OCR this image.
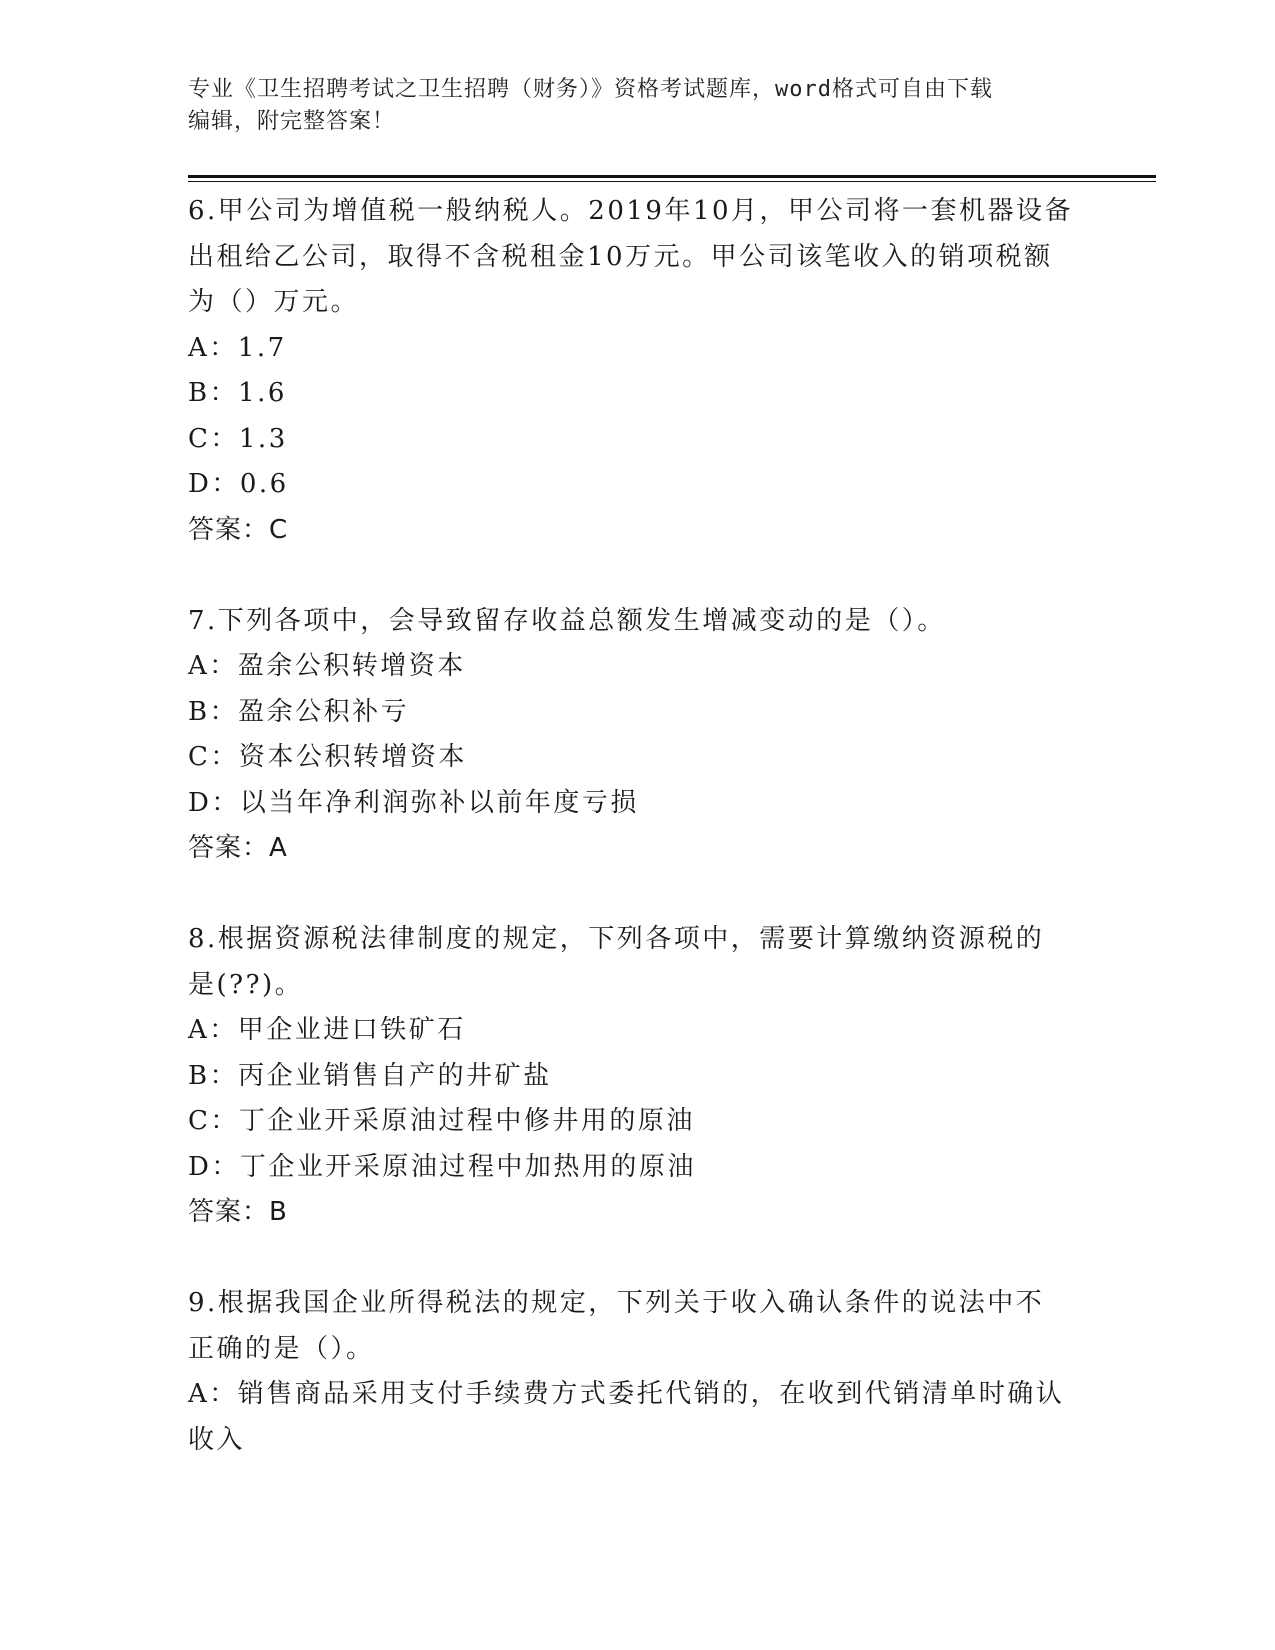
专业《卫生招聘考试之卫生招聘（财务）》资格考试题库，word格式可自由下载
编辑，附完整答案！
6.甲公司为增值税一般纳税人。2019年10月，甲公司将一套机器设备
出租给乙公司，取得不含税租金10万元。甲公司该笔收入的销项税额
为（）万元。
A：1.7
B：1.6
C：1.3
D：0.6
答案：C
7.下列各项中，会导致留存收益总额发生增减变动的是（）。
A：盈余公积转增资本
B：盈余公积补亏
C：资本公积转增资本
D：以当年净利润弥补以前年度亏损
答案：A
8.根据资源税法律制度的规定，下列各项中，需要计算缴纳资源税的
是(??)。
A：甲企业进口铁矿石
B：丙企业销售自产的井矿盐
C：丁企业开采原油过程中修井用的原油
D：丁企业开采原油过程中加热用的原油
答案：B
9.根据我国企业所得税法的规定，下列关于收入确认条件的说法中不
正确的是（）。
A：销售商品采用支付手续费方式委托代销的，在收到代销清单时确认
收入
